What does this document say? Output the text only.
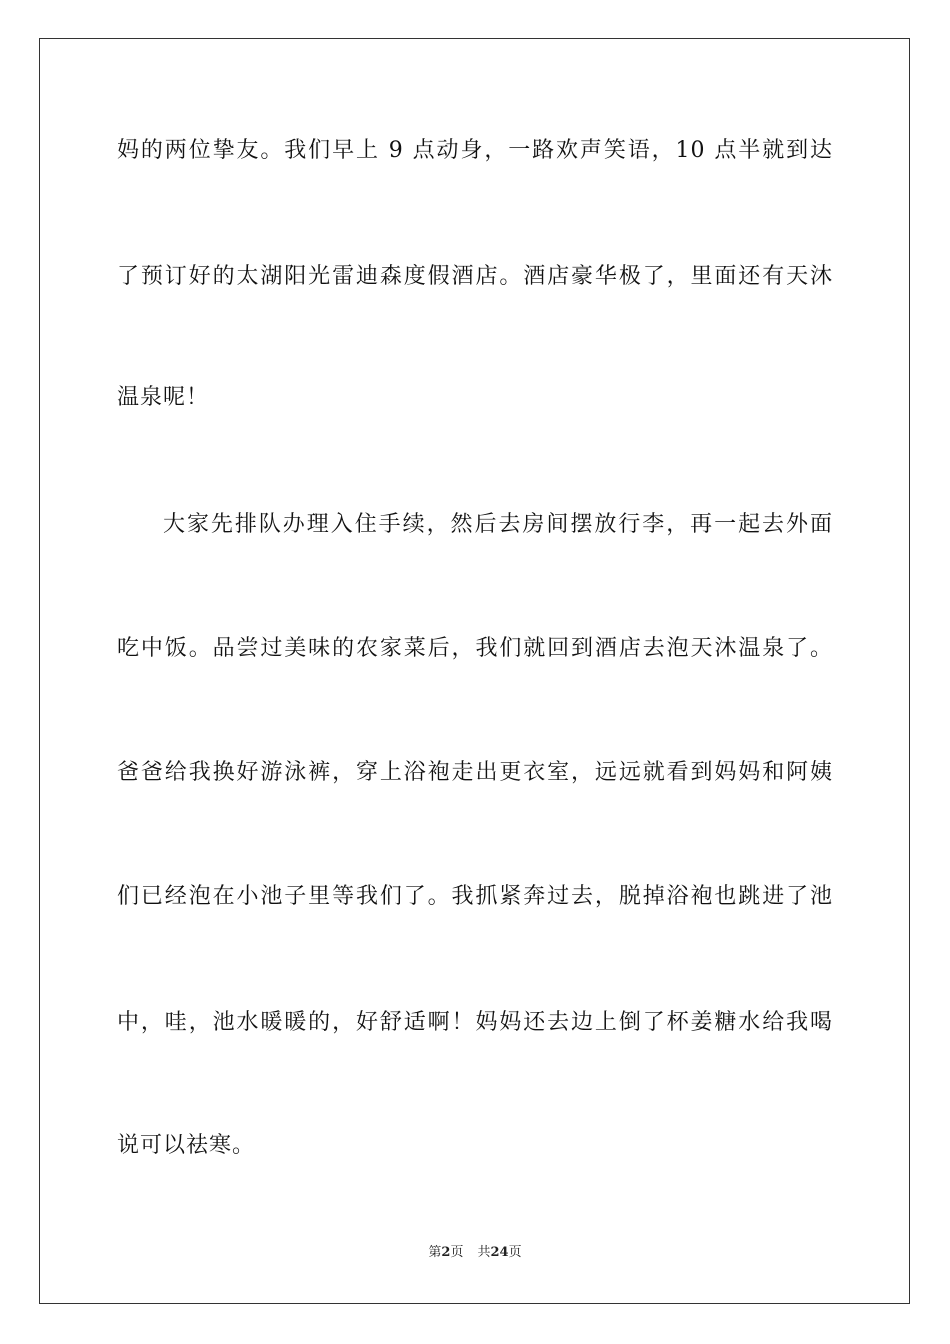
妈的两位挚友。我们早上 9 点动身，一路欢声笑语，10 点半就到达
了预订好的太湖阳光雷迪森度假酒店。酒店豪华极了，里面还有天沐
温泉呢！
大家先排队办理入住手续，然后去房间摆放行李，再一起去外面
吃中饭。品尝过美味的农家菜后，我们就回到酒店去泡天沐温泉了。
爸爸给我换好游泳裤，穿上浴袍走出更衣室，远远就看到妈妈和阿姨
们已经泡在小池子里等我们了。我抓紧奔过去，脱掉浴袍也跳进了池
中，哇，池水暖暖的，好舒适啊！妈妈还去边上倒了杯姜糖水给我喝
说可以祛寒。
第2页 共24页
